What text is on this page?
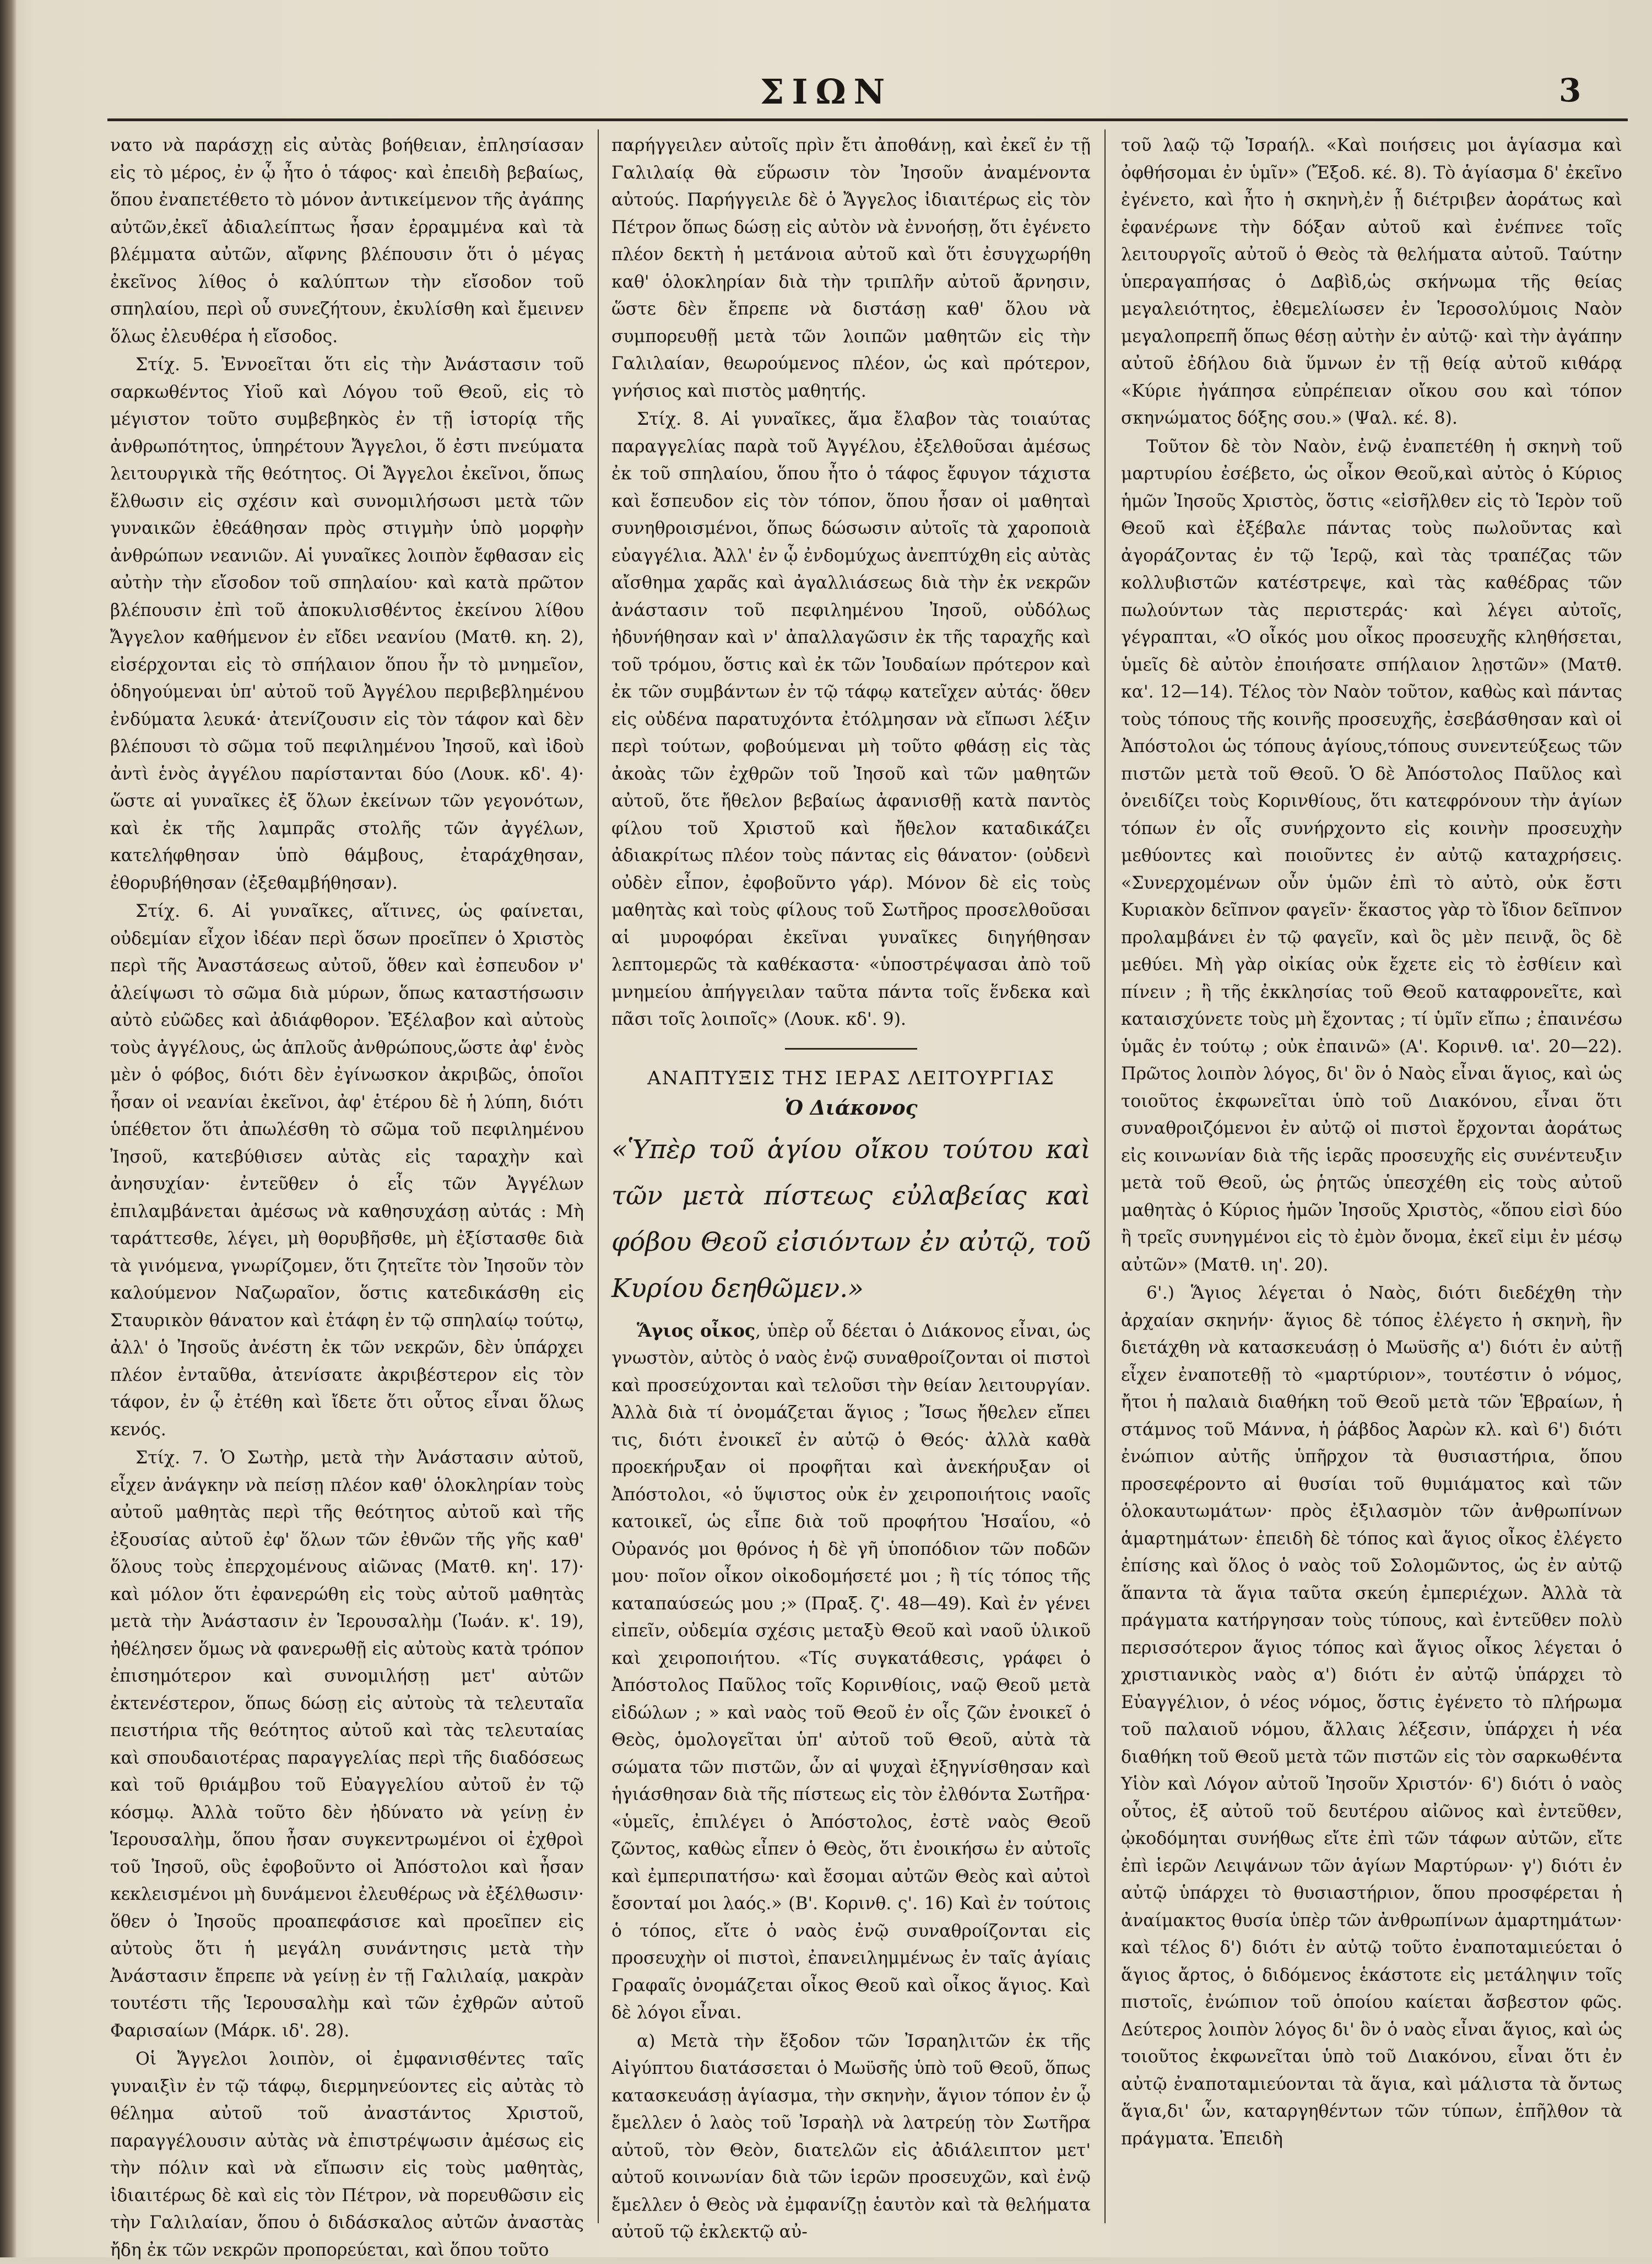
ΣΙΩΝ	3

νατο νὰ παράσχῃ εἰς αὐτὰς βοήθειαν, ἐπλησίασαν εἰς τὸ μέρος, ἐν ᾧ ἦτο ὁ τάφος· καὶ ἐπειδὴ βεβαίως, ὅπου ἐναπετέθετο τὸ μόνον ἀντικείμενον τῆς ἀγάπης αὐτῶν,ἐκεῖ ἀδιαλείπτως ἦσαν ἐρραμμένα καὶ τὰ βλέμματα αὐτῶν, αἴφνης βλέπουσιν ὅτι ὁ μέγας ἐκεῖνος λίθος ὁ καλύπτων τὴν εἴσοδον τοῦ σπηλαίου, περὶ οὗ συνεζήτουν, ἐκυλίσθη καὶ ἔμεινεν ὅλως ἐλευθέρα ἡ εἴσοδος.

Στίχ. 5. Ἐννοεῖται ὅτι εἰς τὴν Ἀνάστασιν τοῦ σαρκωθέντος Υἱοῦ καὶ Λόγου τοῦ Θεοῦ, εἰς τὸ μέγιστον τοῦτο συμβεβηκὸς ἐν τῇ ἱστορίᾳ τῆς ἀνθρωπότητος, ὑπηρέτουν Ἄγγελοι, ὅ ἐστι πνεύματα λειτουργικὰ τῆς θεότητος. Οἱ Ἄγγελοι ἐκεῖνοι, ὅπως ἔλθωσιν εἰς σχέσιν καὶ συνομιλήσωσι μετὰ τῶν γυναικῶν ἐθεάθησαν πρὸς στιγμὴν ὑπὸ μορφὴν ἀνθρώπων νεανιῶν. Αἱ γυναῖκες λοιπὸν ἔφθασαν εἰς αὐτὴν τὴν εἴσοδον τοῦ σπηλαίου· καὶ κατὰ πρῶτον βλέπουσιν ἐπὶ τοῦ ἀποκυλισθέντος ἐκείνου λίθου Ἄγγελον καθήμενον ἐν εἴδει νεανίου (Ματθ. κη. 2), εἰσέρχονται εἰς τὸ σπήλαιον ὅπου ἦν τὸ μνημεῖον, ὁδηγούμεναι ὑπ' αὐτοῦ τοῦ Ἀγγέλου περιβεβλημένου ἐνδύματα λευκά· ἀτενίζουσιν εἰς τὸν τάφον καὶ δὲν βλέπουσι τὸ σῶμα τοῦ πεφιλημένου Ἰησοῦ, καὶ ἰδοὺ ἀντὶ ἑνὸς ἀγγέλου παρίστανται δύο (Λουκ. κδ'. 4)· ὥστε αἱ γυναῖκες ἐξ ὅλων ἐκείνων τῶν γεγονότων, καὶ ἐκ τῆς λαμπρᾶς στολῆς τῶν ἀγγέλων, κατελήφθησαν ὑπὸ θάμβους, ἐταράχθησαν, ἐθορυβήθησαν (ἐξεθαμβήθησαν).

Στίχ. 6. Αἱ γυναῖκες, αἵτινες, ὡς φαίνεται, οὐδεμίαν εἶχον ἰδέαν περὶ ὅσων προεῖπεν ὁ Χριστὸς περὶ τῆς Ἀναστάσεως αὐτοῦ, ὅθεν καὶ ἐσπευδον ν' ἀλείψωσι τὸ σῶμα διὰ μύρων, ὅπως καταστήσωσιν αὐτὸ εὐῶδες καὶ ἀδιάφθορον. Ἐξέλαβον καὶ αὐτοὺς τοὺς ἀγγέλους, ὡς ἁπλοῦς ἀνθρώπους,ὥστε ἀφ' ἑνὸς μὲν ὁ φόβος, διότι δὲν ἐγίνωσκον ἀκριβῶς, ὁποῖοι ἦσαν οἱ νεανίαι ἐκεῖνοι, ἀφ' ἑτέρου δὲ ἡ λύπη, διότι ὑπέθετον ὅτι ἀπωλέσθη τὸ σῶμα τοῦ πεφιλημένου Ἰησοῦ, κατεβύθισεν αὐτὰς εἰς ταραχὴν καὶ ἀνησυχίαν· ἐντεῦθεν ὁ εἷς τῶν Ἀγγέλων ἐπιλαμβάνεται ἀμέσως νὰ καθησυχάσῃ αὐτάς : Μὴ ταράττεσθε, λέγει, μὴ θορυβῆσθε, μὴ ἐξίστασθε διὰ τὰ γινόμενα, γνωρίζομεν, ὅτι ζητεῖτε τὸν Ἰησοῦν τὸν καλούμενον Ναζωραῖον, ὅστις κατεδικάσθη εἰς Σταυρικὸν θάνατον καὶ ἐτάφη ἐν τῷ σπηλαίῳ τούτῳ, ἀλλ' ὁ Ἰησοῦς ἀνέστη ἐκ τῶν νεκρῶν, δὲν ὑπάρχει πλέον ἐνταῦθα, ἀτενίσατε ἀκριβέστερον εἰς τὸν τάφον, ἐν ᾧ ἐτέθη καὶ ἴδετε ὅτι οὗτος εἶναι ὅλως κενός.

Στίχ. 7. Ὁ Σωτὴρ, μετὰ τὴν Ἀνάστασιν αὐτοῦ, εἶχεν ἀνάγκην νὰ πείσῃ πλέον καθ' ὁλοκληρίαν τοὺς αὐτοῦ μαθητὰς περὶ τῆς θεότητος αὐτοῦ καὶ τῆς ἐξουσίας αὐτοῦ ἐφ' ὅλων τῶν ἐθνῶν τῆς γῆς καθ' ὅλους τοὺς ἐπερχομένους αἰῶνας (Ματθ. κη'. 17)· καὶ μόλον ὅτι ἐφανερώθη εἰς τοὺς αὐτοῦ μαθητὰς μετὰ τὴν Ἀνάστασιν ἐν Ἱερουσαλὴμ (Ἰωάν. κ'. 19), ἠθέλησεν ὅμως νὰ φανερωθῇ εἰς αὐτοὺς κατὰ τρόπον ἐπισημότερον καὶ συνομιλήσῃ μετ' αὐτῶν ἐκτενέστερον, ὅπως δώσῃ εἰς αὐτοὺς τὰ τελευταῖα πειστήρια τῆς θεότητος αὐτοῦ καὶ τὰς τελευταίας καὶ σπουδαιοτέρας παραγγελίας περὶ τῆς διαδόσεως καὶ τοῦ θριάμβου τοῦ Εὐαγγελίου αὐτοῦ ἐν τῷ κόσμῳ. Ἀλλὰ τοῦτο δὲν ἠδύνατο νὰ γείνῃ ἐν Ἱερουσαλὴμ, ὅπου ἦσαν συγκεντρωμένοι οἱ ἐχθροὶ τοῦ Ἰησοῦ, οὓς ἐφοβοῦντο οἱ Ἀπόστολοι καὶ ἦσαν κεκλεισμένοι μὴ δυνάμενοι ἐλευθέρως νὰ ἐξέλθωσιν· ὅθεν ὁ Ἰησοῦς προαπεφάσισε καὶ προεῖπεν εἰς αὐτοὺς ὅτι ἡ μεγάλη συνάντησις μετὰ τὴν Ἀνάστασιν ἔπρεπε νὰ γείνῃ ἐν τῇ Γαλιλαίᾳ, μακρὰν τουτέστι τῆς Ἱερουσαλὴμ καὶ τῶν ἐχθρῶν αὐτοῦ Φαρισαίων (Μάρκ. ιδ'. 28).

Οἱ Ἄγγελοι λοιπὸν, οἱ ἐμφανισθέντες ταῖς γυναιξὶν ἐν τῷ τάφῳ, διερμηνεύοντες εἰς αὐτὰς τὸ θέλημα αὐτοῦ τοῦ ἀναστάντος Χριστοῦ, παραγγέλουσιν αὐτὰς νὰ ἐπιστρέψωσιν ἀμέσως εἰς τὴν πόλιν καὶ νὰ εἴπωσιν εἰς τοὺς μαθητὰς, ἰδιαιτέρως δὲ καὶ εἰς τὸν Πέτρον, νὰ πορευθῶσιν εἰς τὴν Γαλιλαίαν, ὅπου ὁ διδάσκαλος αὐτῶν ἀναστὰς ἤδη ἐκ τῶν νεκρῶν προπορεύεται, καὶ ὅπου τοῦτο

παρήγγειλεν αὐτοῖς πρὶν ἔτι ἀποθάνῃ, καὶ ἐκεῖ ἐν τῇ Γαλιλαίᾳ θὰ εὕρωσιν τὸν Ἰησοῦν ἀναμένοντα αὐτούς. Παρήγγειλε δὲ ὁ Ἄγγελος ἰδιαιτέρως εἰς τὸν Πέτρον ὅπως δώσῃ εἰς αὐτὸν νὰ ἐννοήσῃ, ὅτι ἐγένετο πλέον δεκτὴ ἡ μετάνοια αὐτοῦ καὶ ὅτι ἐσυγχωρήθη καθ' ὁλοκληρίαν διὰ τὴν τριπλῆν αὐτοῦ ἄρνησιν, ὥστε δὲν ἔπρεπε νὰ διστάσῃ καθ' ὅλου νὰ συμπορευθῇ μετὰ τῶν λοιπῶν μαθητῶν εἰς τὴν Γαλιλαίαν, θεωρούμενος πλέον, ὡς καὶ πρότερον, γνήσιος καὶ πιστὸς μαθητής.

Στίχ. 8. Αἱ γυναῖκες, ἅμα ἔλαβον τὰς τοιαύτας παραγγελίας παρὰ τοῦ Ἀγγέλου, ἐξελθοῦσαι ἀμέσως ἐκ τοῦ σπηλαίου, ὅπου ἦτο ὁ τάφος ἔφυγον τάχιστα καὶ ἔσπευδον εἰς τὸν τόπον, ὅπου ἦσαν οἱ μαθηταὶ συνηθροισμένοι, ὅπως δώσωσιν αὐτοῖς τὰ χαροποιὰ εὐαγγέλια. Ἀλλ' ἐν ᾧ ἐνδομύχως ἀνεπτύχθη εἰς αὐτὰς αἴσθημα χαρᾶς καὶ ἀγαλλιάσεως διὰ τὴν ἐκ νεκρῶν ἀνάστασιν τοῦ πεφιλημένου Ἰησοῦ, οὐδόλως ἠδυνήθησαν καὶ ν' ἀπαλλαγῶσιν ἐκ τῆς ταραχῆς καὶ τοῦ τρόμου, ὅστις καὶ ἐκ τῶν Ἰουδαίων πρότερον καὶ ἐκ τῶν συμβάντων ἐν τῷ τάφῳ κατεῖχεν αὐτάς· ὅθεν εἰς οὐδένα παρατυχόντα ἐτόλμησαν νὰ εἴπωσι λέξιν περὶ τούτων, φοβούμεναι μὴ τοῦτο φθάσῃ εἰς τὰς ἀκοὰς τῶν ἐχθρῶν τοῦ Ἰησοῦ καὶ τῶν μαθητῶν αὐτοῦ, ὅτε ἤθελον βεβαίως ἀφανισθῇ κατὰ παντὸς φίλου τοῦ Χριστοῦ καὶ ἤθελον καταδικάζει ἀδιακρίτως πλέον τοὺς πάντας εἰς θάνατον· (οὐδενὶ οὐδὲν εἶπον, ἐφοβοῦντο γάρ). Μόνον δὲ εἰς τοὺς μαθητὰς καὶ τοὺς φίλους τοῦ Σωτῆρος προσελθοῦσαι αἱ μυροφόραι ἐκεῖναι γυναῖκες διηγήθησαν λεπτομερῶς τὰ καθέκαστα· «ὑποστρέψασαι ἀπὸ τοῦ μνημείου ἀπήγγειλαν ταῦτα πάντα τοῖς ἕνδεκα καὶ πᾶσι τοῖς λοιποῖς» (Λουκ. κδ'. 9).

ΑΝΑΠΤΥΞΙΣ ΤΗΣ ΙΕΡΑΣ ΛΕΙΤΟΥΡΓΙΑΣ
Ὁ Διάκονος
«Ὑπὲρ τοῦ ἁγίου οἴκου τούτου καὶ τῶν μετὰ πίστεως εὐλαβείας καὶ φόβου Θεοῦ εἰσιόντων ἐν αὐτῷ, τοῦ Κυρίου δεηθῶμεν.»

Ἅγιος οἶκος, ὑπὲρ οὗ δέεται ὁ Διάκονος εἶναι, ὡς γνωστὸν, αὐτὸς ὁ ναὸς ἐνῷ συναθροίζονται οἱ πιστοὶ καὶ προσεύχονται καὶ τελοῦσι τὴν θείαν λειτουργίαν. Ἀλλὰ διὰ τί ὀνομάζεται ἅγιος ; Ἴσως ἤθελεν εἴπει τις, διότι ἐνοικεῖ ἐν αὐτῷ ὁ Θεός· ἀλλὰ καθὰ προεκήρυξαν οἱ προφῆται καὶ ἀνεκήρυξαν οἱ Ἀπόστολοι, «ὁ ὕψιστος οὐκ ἐν χειροποιήτοις ναοῖς κατοικεῖ, ὡς εἶπε διὰ τοῦ προφήτου Ἡσαΐου, «ὁ Οὐρανός μοι θρόνος ἡ δὲ γῆ ὑποπόδιον τῶν ποδῶν μου· ποῖον οἶκον οἰκοδομήσετέ μοι ; ἢ τίς τόπος τῆς καταπαύσεώς μου ;» (Πραξ. ζ'. 48—49). Καὶ ἐν γένει εἰπεῖν, οὐδεμία σχέσις μεταξὺ Θεοῦ καὶ ναοῦ ὑλικοῦ καὶ χειροποιήτου. «Τίς συγκατάθεσις, γράφει ὁ Ἀπόστολος Παῦλος τοῖς Κορινθίοις, ναῷ Θεοῦ μετὰ εἰδώλων ; » καὶ ναὸς τοῦ Θεοῦ ἐν οἷς ζῶν ἐνοικεῖ ὁ Θεὸς, ὁμολογεῖται ὑπ' αὐτοῦ τοῦ Θεοῦ, αὐτὰ τὰ σώματα τῶν πιστῶν, ὧν αἱ ψυχαὶ ἐξηγνίσθησαν καὶ ἡγιάσθησαν διὰ τῆς πίστεως εἰς τὸν ἐλθόντα Σωτῆρα· «ὑμεῖς, ἐπιλέγει ὁ Ἀπόστολος, ἐστὲ ναὸς Θεοῦ ζῶντος, καθὼς εἶπεν ὁ Θεὸς, ὅτι ἐνοικήσω ἐν αὐτοῖς καὶ ἐμπεριπατήσω· καὶ ἔσομαι αὐτῶν Θεὸς καὶ αὐτοὶ ἔσονταί μοι λαός.» (Β'. Κορινθ. ς'. 16) Καὶ ἐν τούτοις ὁ τόπος, εἴτε ὁ ναὸς ἐνῷ συναθροίζονται εἰς προσευχὴν οἱ πιστοὶ, ἐπανειλημμένως ἐν ταῖς ἁγίαις Γραφαῖς ὀνομάζεται οἶκος Θεοῦ καὶ οἶκος ἅγιος. Καὶ δὲ λόγοι εἶναι.

α) Μετὰ τὴν ἔξοδον τῶν Ἰσραηλιτῶν ἐκ τῆς Αἰγύπτου διατάσσεται ὁ Μωϋσῆς ὑπὸ τοῦ Θεοῦ, ὅπως κατασκευάσῃ ἁγίασμα, τὴν σκηνὴν, ἅγιον τόπον ἐν ᾧ ἔμελλεν ὁ λαὸς τοῦ Ἰσραὴλ νὰ λατρεύῃ τὸν Σωτῆρα αὐτοῦ, τὸν Θεὸν, διατελῶν εἰς ἀδιάλειπτον μετ' αὐτοῦ κοινωνίαν διὰ τῶν ἱερῶν προσευχῶν, καὶ ἐνῷ ἔμελλεν ὁ Θεὸς νὰ ἐμφανίζῃ ἑαυτὸν καὶ τὰ θελήματα αὐτοῦ τῷ ἐκλεκτῷ αὐ-

τοῦ λαῷ τῷ Ἰσραήλ. «Καὶ ποιήσεις μοι ἁγίασμα καὶ ὀφθήσομαι ἐν ὑμῖν» (Ἔξοδ. κέ. 8). Τὸ ἁγίασμα δ' ἐκεῖνο ἐγένετο, καὶ ἦτο ἡ σκηνὴ,ἐν ᾗ διέτριβεν ἀοράτως καὶ ἐφανέρωνε τὴν δόξαν αὐτοῦ καὶ ἐνέπνεε τοῖς λειτουργοῖς αὐτοῦ ὁ Θεὸς τὰ θελήματα αὐτοῦ. Ταύτην ὑπεραγαπήσας ὁ Δαβὶδ,ὡς σκήνωμα τῆς θείας μεγαλειότητος, ἐθεμελίωσεν ἐν Ἱεροσολύμοις Ναὸν μεγαλοπρεπῆ ὅπως θέσῃ αὐτὴν ἐν αὐτῷ· καὶ τὴν ἀγάπην αὐτοῦ ἐδήλου διὰ ὕμνων ἐν τῇ θείᾳ αὐτοῦ κιθάρᾳ «Κύριε ἠγάπησα εὐπρέπειαν οἴκου σου καὶ τόπον σκηνώματος δόξης σου.» (Ψαλ. κέ. 8).

Τοῦτον δὲ τὸν Ναὸν, ἐνῷ ἐναπετέθη ἡ σκηνὴ τοῦ μαρτυρίου ἐσέβετο, ὡς οἶκον Θεοῦ,καὶ αὐτὸς ὁ Κύριος ἡμῶν Ἰησοῦς Χριστὸς, ὅστις «εἰσῆλθεν εἰς τὸ Ἱερὸν τοῦ Θεοῦ καὶ ἐξέβαλε πάντας τοὺς πωλοῦντας καὶ ἀγοράζοντας ἐν τῷ Ἱερῷ, καὶ τὰς τραπέζας τῶν κολλυβιστῶν κατέστρεψε, καὶ τὰς καθέδρας τῶν πωλούντων τὰς περιστεράς· καὶ λέγει αὐτοῖς, γέγραπται, «Ὁ οἶκός μου οἶκος προσευχῆς κληθήσεται, ὑμεῖς δὲ αὐτὸν ἐποιήσατε σπήλαιον λῃστῶν» (Ματθ. κα'. 12—14). Τέλος τὸν Ναὸν τοῦτον, καθὼς καὶ πάντας τοὺς τόπους τῆς κοινῆς προσευχῆς, ἐσεβάσθησαν καὶ οἱ Ἀπόστολοι ὡς τόπους ἁγίους,τόπους συνεντεύξεως τῶν πιστῶν μετὰ τοῦ Θεοῦ. Ὁ δὲ Ἀπόστολος Παῦλος καὶ ὀνειδίζει τοὺς Κορινθίους, ὅτι κατεφρόνουν τὴν ἁγίων τόπων ἐν οἷς συνήρχοντο εἰς κοινὴν προσευχὴν μεθύοντες καὶ ποιοῦντες ἐν αὐτῷ καταχρήσεις. «Συνερχομένων οὖν ὑμῶν ἐπὶ τὸ αὐτὸ, οὐκ ἔστι Κυριακὸν δεῖπνον φαγεῖν· ἕκαστος γὰρ τὸ ἴδιον δεῖπνον προλαμβάνει ἐν τῷ φαγεῖν, καὶ ὃς μὲν πεινᾷ, ὃς δὲ μεθύει. Μὴ γὰρ οἰκίας οὐκ ἔχετε εἰς τὸ ἐσθίειν καὶ πίνειν ; ἢ τῆς ἐκκλησίας τοῦ Θεοῦ καταφρονεῖτε, καὶ καταισχύνετε τοὺς μὴ ἔχοντας ; τί ὑμῖν εἴπω ; ἐπαινέσω ὑμᾶς ἐν τούτῳ ; οὐκ ἐπαινῶ» (Α'. Κορινθ. ια'. 20—22). Πρῶτος λοιπὸν λόγος, δι' ὃν ὁ Ναὸς εἶναι ἅγιος, καὶ ὡς τοιοῦτος ἐκφωνεῖται ὑπὸ τοῦ Διακόνου, εἶναι ὅτι συναθροιζόμενοι ἐν αὐτῷ οἱ πιστοὶ ἔρχονται ἀοράτως εἰς κοινωνίαν διὰ τῆς ἱερᾶς προσευχῆς εἰς συνέντευξιν μετὰ τοῦ Θεοῦ, ὡς ῥητῶς ὑπεσχέθη εἰς τοὺς αὐτοῦ μαθητὰς ὁ Κύριος ἡμῶν Ἰησοῦς Χριστὸς, «ὅπου εἰσὶ δύο ἢ τρεῖς συνηγμένοι εἰς τὸ ἐμὸν ὄνομα, ἐκεῖ εἰμι ἐν μέσῳ αὐτῶν» (Ματθ. ιη'. 20).

6'.) Ἅγιος λέγεται ὁ Ναὸς, διότι διεδέχθη τὴν ἀρχαίαν σκηνήν· ἅγιος δὲ τόπος ἐλέγετο ἡ σκηνὴ, ἣν διετάχθη νὰ κατασκευάσῃ ὁ Μωϋσῆς α') διότι ἐν αὐτῇ εἶχεν ἐναποτεθῇ τὸ «μαρτύριον», τουτέστιν ὁ νόμος, ἤτοι ἡ παλαιὰ διαθήκη τοῦ Θεοῦ μετὰ τῶν Ἑβραίων, ἡ στάμνος τοῦ Μάννα, ἡ ῥάβδος Ἀαρὼν κλ. καὶ 6') διότι ἐνώπιον αὐτῆς ὑπῆρχον τὰ θυσιαστήρια, ὅπου προσεφέροντο αἱ θυσίαι τοῦ θυμιάματος καὶ τῶν ὁλοκαυτωμάτων· πρὸς ἐξιλασμὸν τῶν ἀνθρωπίνων ἁμαρτημάτων· ἐπειδὴ δὲ τόπος καὶ ἅγιος οἶκος ἐλέγετο ἐπίσης καὶ ὅλος ὁ ναὸς τοῦ Σολομῶντος, ὡς ἐν αὐτῷ ἅπαντα τὰ ἅγια ταῦτα σκεύη ἐμπεριέχων. Ἀλλὰ τὰ πράγματα κατήργησαν τοὺς τύπους, καὶ ἐντεῦθεν πολὺ περισσότερον ἅγιος τόπος καὶ ἅγιος οἶκος λέγεται ὁ χριστιανικὸς ναὸς α') διότι ἐν αὐτῷ ὑπάρχει τὸ Εὐαγγέλιον, ὁ νέος νόμος, ὅστις ἐγένετο τὸ πλήρωμα τοῦ παλαιοῦ νόμου, ἄλλαις λέξεσιν, ὑπάρχει ἡ νέα διαθήκη τοῦ Θεοῦ μετὰ τῶν πιστῶν εἰς τὸν σαρκωθέντα Υἱὸν καὶ Λόγον αὐτοῦ Ἰησοῦν Χριστόν· 6') διότι ὁ ναὸς οὗτος, ἐξ αὐτοῦ τοῦ δευτέρου αἰῶνος καὶ ἐντεῦθεν, ᾠκοδόμηται συνήθως εἴτε ἐπὶ τῶν τάφων αὐτῶν, εἴτε ἐπὶ ἱερῶν Λειψάνων τῶν ἁγίων Μαρτύρων· γ') διότι ἐν αὐτῷ ὑπάρχει τὸ θυσιαστήριον, ὅπου προσφέρεται ἡ ἀναίμακτος θυσία ὑπὲρ τῶν ἀνθρωπίνων ἁμαρτημάτων· καὶ τέλος δ') διότι ἐν αὐτῷ τοῦτο ἐναποταμιεύεται ὁ ἅγιος ἄρτος, ὁ διδόμενος ἑκάστοτε εἰς μετάληψιν τοῖς πιστοῖς, ἐνώπιον τοῦ ὁποίου καίεται ἄσβεστον φῶς. Δεύτερος λοιπὸν λόγος δι' ὃν ὁ ναὸς εἶναι ἅγιος, καὶ ὡς τοιοῦτος ἐκφωνεῖται ὑπὸ τοῦ Διακόνου, εἶναι ὅτι ἐν αὐτῷ ἐναποταμιεύονται τὰ ἅγια, καὶ μάλιστα τὰ ὄντως ἅγια,δι' ὧν, καταργηθέντων τῶν τύπων, ἐπῆλθον τὰ πράγματα. Ἐπειδὴ
